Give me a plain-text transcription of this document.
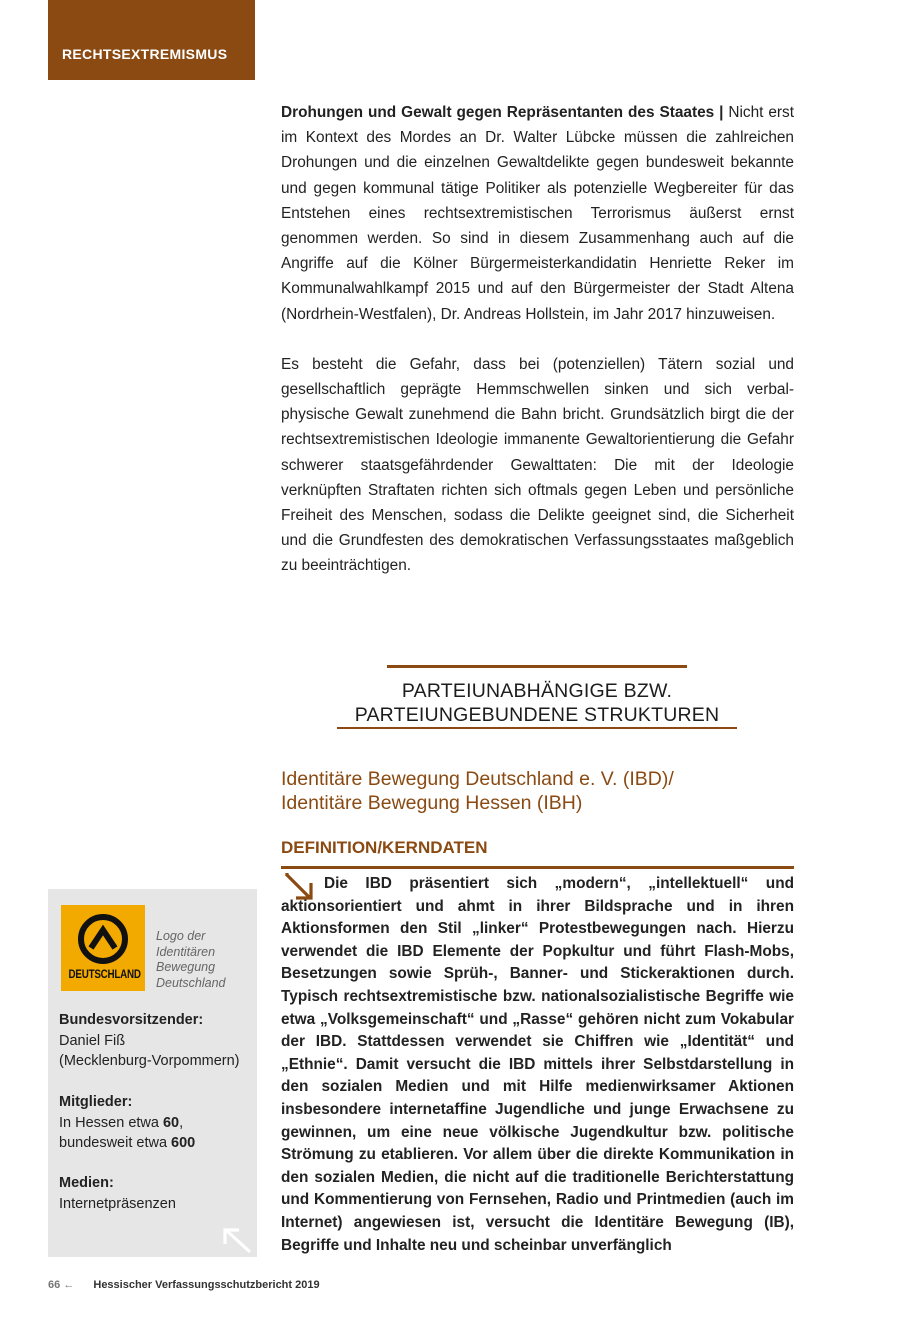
RECHTSEXTREMISMUS

Drohungen und Gewalt gegen Repräsentanten des Staates | Nicht erst im Kontext des Mordes an Dr. Walter Lübcke müssen die zahlreichen Drohungen und die einzelnen Gewaltdelikte gegen bundesweit bekannte und gegen kommunal tätige Politiker als potenzielle Wegbereiter für das Entstehen eines rechtsextremistischen Terrorismus äußerst ernst genommen werden. So sind in diesem Zusammenhang auch auf die Angriffe auf die Kölner Bürgermeisterkandidatin Henriette Reker im Kommunalwahlkampf 2015 und auf den Bürgermeister der Stadt Altena (Nordrhein-Westfalen), Dr. Andreas Hollstein, im Jahr 2017 hinzuweisen.

Es besteht die Gefahr, dass bei (potenziellen) Tätern sozial und gesellschaftlich geprägte Hemmschwellen sinken und sich verbal-physische Gewalt zunehmend die Bahn bricht. Grundsätzlich birgt die der rechtsextremistischen Ideologie immanente Gewaltorientierung die Gefahr schwerer staatsgefährdender Gewalttaten: Die mit der Ideologie verknüpften Straftaten richten sich oftmals gegen Leben und persönliche Freiheit des Menschen, sodass die Delikte geeignet sind, die Sicherheit und die Grundfesten des demokratischen Verfassungsstaates maßgeblich zu beeinträchtigen.

PARTEIUNABHÄNGIGE BZW.
PARTEIUNGEBUNDENE STRUKTUREN
Identitäre Bewegung Deutschland e. V. (IBD)/
Identitäre Bewegung Hessen (IBH)
DEFINITION/KERNDATEN
Die IBD präsentiert sich „modern“, „intellektuell“ und aktionsorientiert und ahmt in ihrer Bildsprache und in ihren Aktionsformen den Stil „linker“ Protestbewegungen nach. Hierzu verwendet die IBD Elemente der Popkultur und führt Flash-Mobs, Besetzungen sowie Sprüh-, Banner- und Stickeraktionen durch. Typisch rechtsextremistische bzw. nationalsozialistische Begriffe wie etwa „Volksgemeinschaft“ und „Rasse“ gehören nicht zum Vokabular der IBD. Stattdessen verwendet sie Chiffren wie „Identität“ und „Ethnie“. Damit versucht die IBD mittels ihrer Selbstdarstellung in den sozialen Medien und mit Hilfe medienwirksamer Aktionen insbesondere internetaffine Jugendliche und junge Erwachsene zu gewinnen, um eine neue völkische Jugendkultur bzw. politische Strömung zu etablieren. Vor allem über die direkte Kommunikation in den sozialen Medien, die nicht auf die traditionelle Berichterstattung und Kommentierung von Fernsehen, Radio und Printmedien (auch im Internet) angewiesen ist, versucht die Identitäre Bewegung (IB), Begriffe und Inhalte neu und scheinbar unverfänglich
DEUTSCHLAND
Logo der Identitären Bewegung Deutschland
Bundesvorsitzender:
Daniel Fiß
(Mecklenburg-Vorpommern)
Mitglieder:
In Hessen etwa 60,
bundesweit etwa 600
Medien:
Internetpräsenzen
66 ← Hessischer Verfassungsschutzbericht 2019
